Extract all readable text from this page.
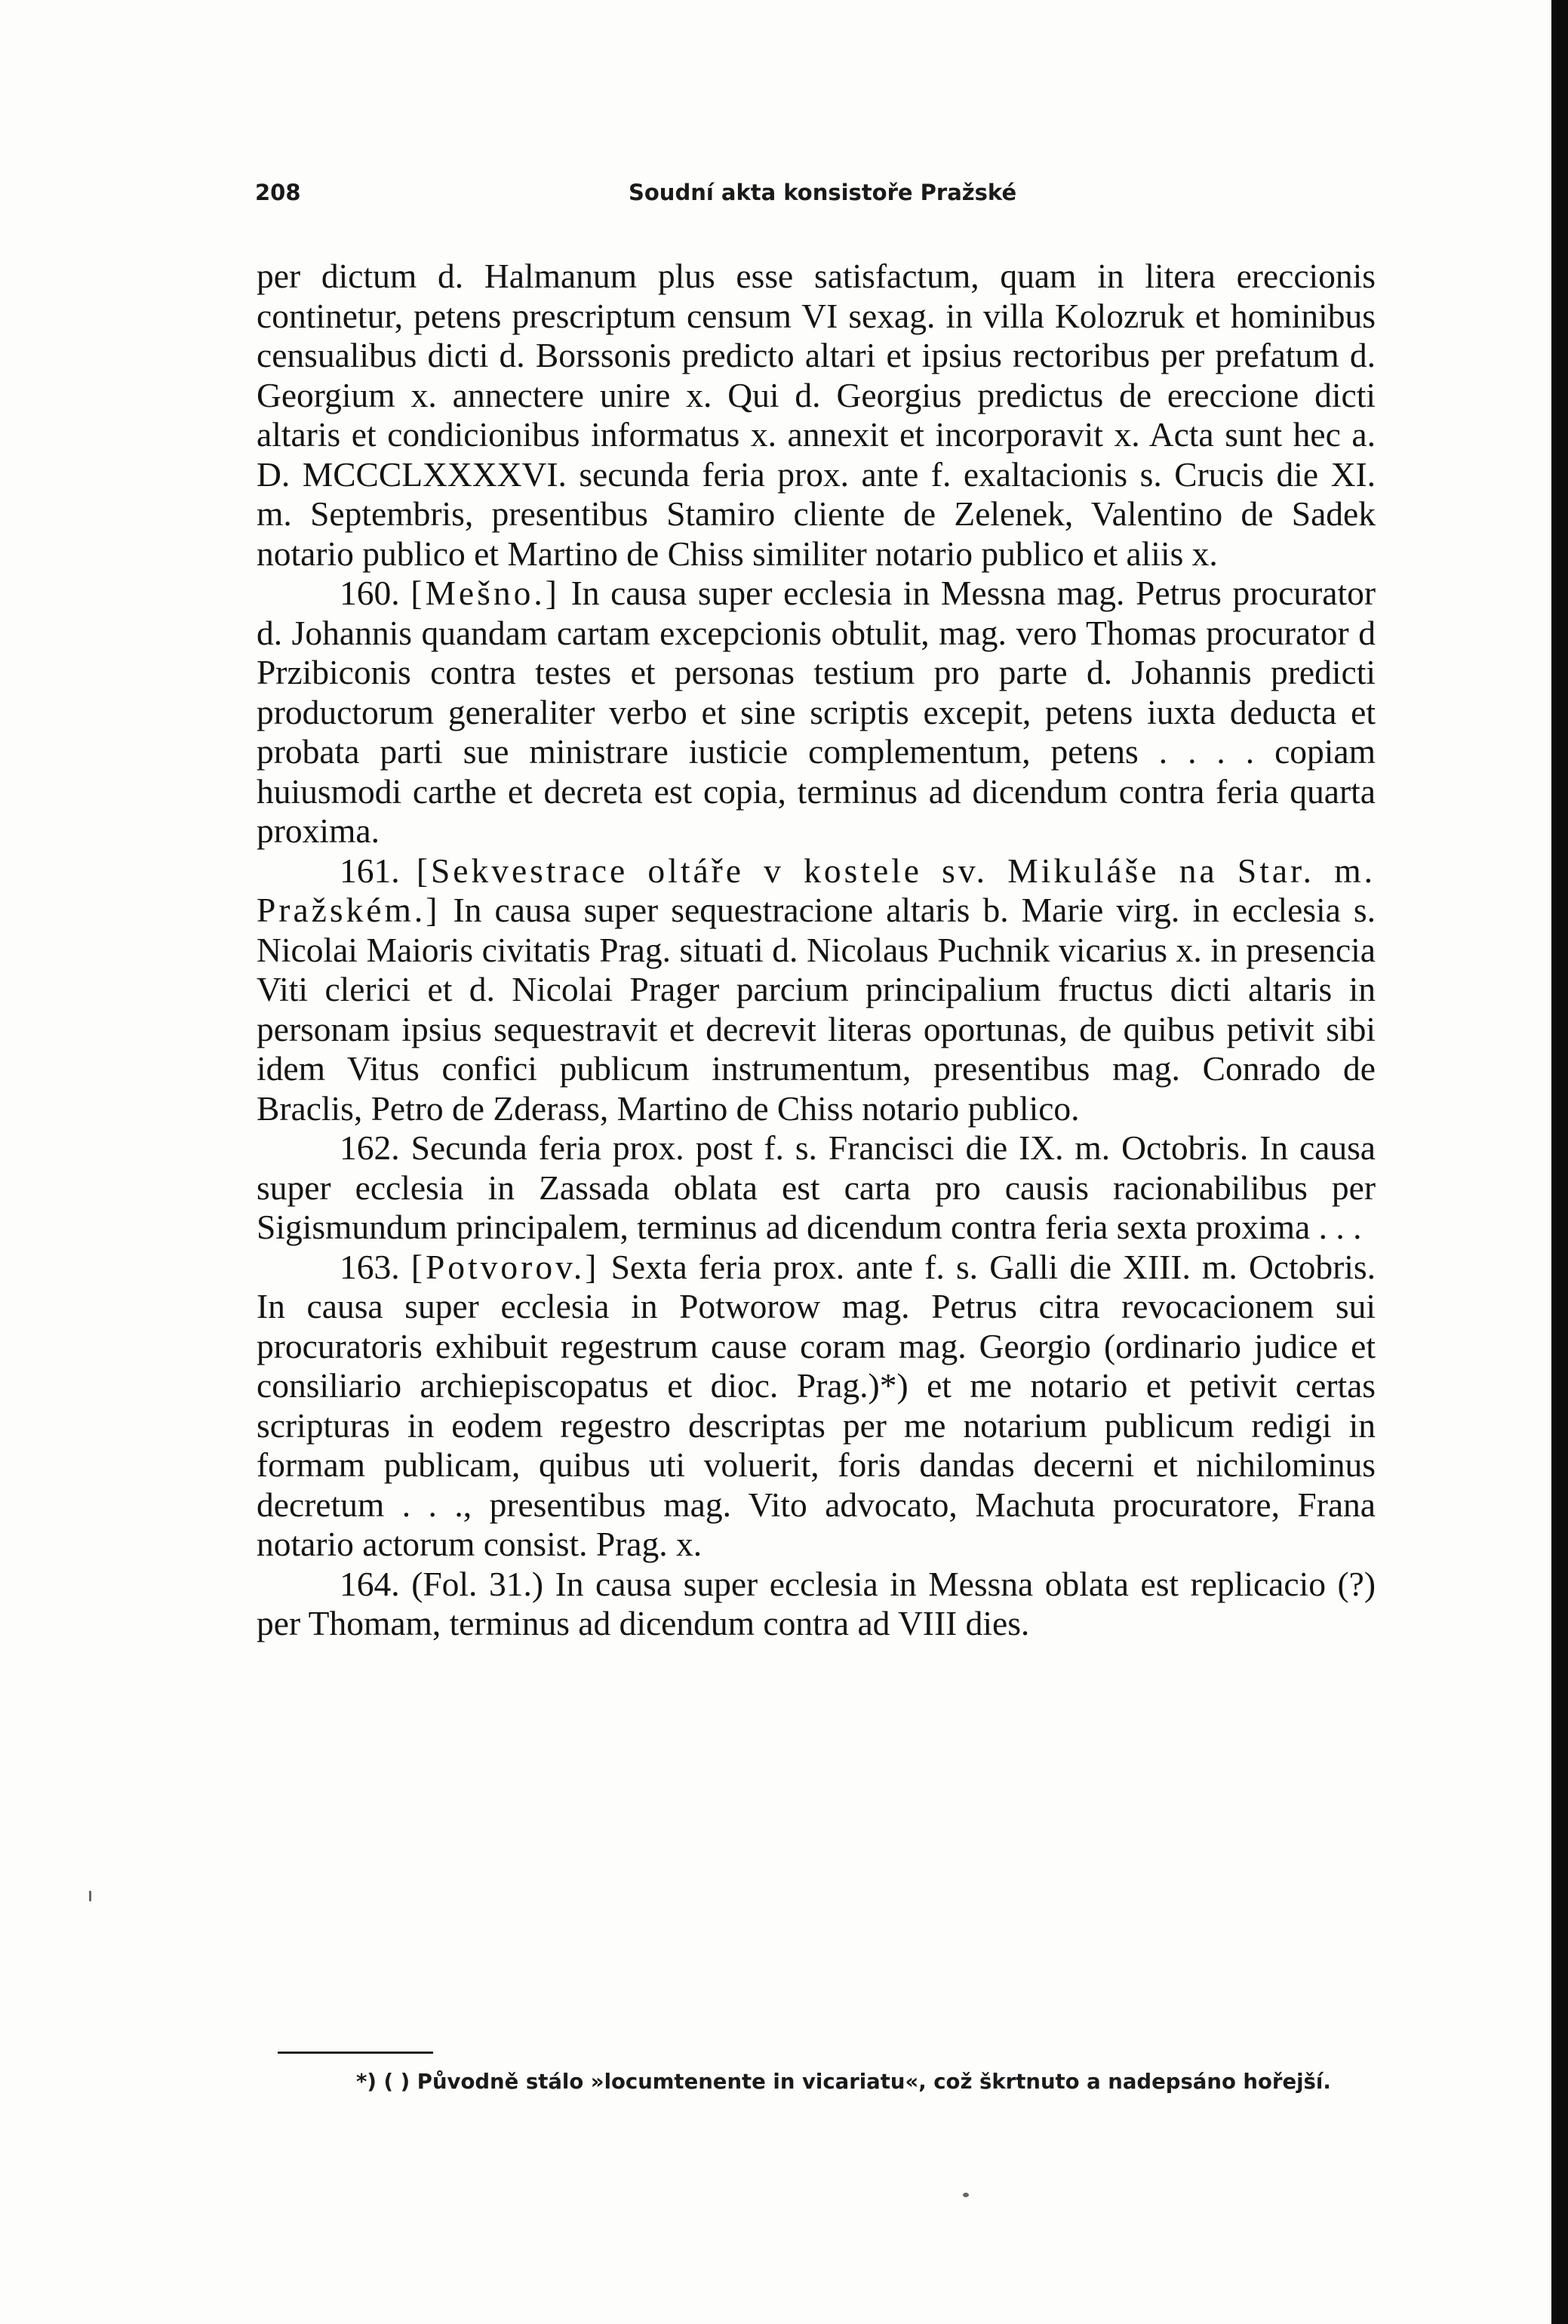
208	Soudní akta konsistoře Pražské

per dictum d. Halmanum plus esse satisfactum, quam in litera ereccionis continetur, petens prescriptum censum VI sexag. in villa Kolozruk et hominibus censualibus dicti d. Borssonis predicto altari et ipsius rectoribus per prefatum d. Georgium x. annectere unire x. Qui d. Georgius predictus de ereccione dicti altaris et condicionibus informatus x. annexit et incorporavit x. Acta sunt hec a. D. MCCCLXXXXVI. secunda feria prox. ante f. exaltacionis s. Crucis die XI. m. Septembris, presentibus Stamiro cliente de Zelenek, Valentino de Sadek notario publico et Martino de Chiss similiter notario publico et aliis x.

160. [Mešno.] In causa super ecclesia in Messna mag. Petrus procurator d. Johannis quandam cartam excepcionis obtulit, mag. vero Thomas procurator d Przibiconis contra testes et personas testium pro parte d. Johannis predicti productorum generaliter verbo et sine scriptis excepit, petens iuxta deducta et probata parti sue ministrare iusticie complementum, petens . . . . copiam huiusmodi carthe et decreta est copia, terminus ad dicendum contra feria quarta proxima.

161. [Sekvestrace oltáře v kostele sv. Mikuláše na Star. m. Pražském.] In causa super sequestracione altaris b. Marie virg. in ecclesia s. Nicolai Maioris civitatis Prag. situati d. Nicolaus Puchnik vicarius x. in presencia Viti clerici et d. Nicolai Prager parcium principalium fructus dicti altaris in personam ipsius sequestravit et decrevit literas oportunas, de quibus petivit sibi idem Vitus confici publicum instrumentum, presentibus mag. Conrado de Braclis, Petro de Zderass, Martino de Chiss notario publico.

162. Secunda feria prox. post f. s. Francisci die IX. m. Octobris. In causa super ecclesia in Zassada oblata est carta pro causis racionabilibus per Sigismundum principalem, terminus ad dicendum contra feria sexta proxima . . .

163. [Potvorov.] Sexta feria prox. ante f. s. Galli die XIII. m. Octobris. In causa super ecclesia in Potworow mag. Petrus citra revocacionem sui procuratoris exhibuit regestrum cause coram mag. Georgio (ordinario judice et consiliario archiepiscopatus et dioc. Prag.)*) et me notario et petivit certas scripturas in eodem regestro descriptas per me notarium publicum redigi in formam publicam, quibus uti voluerit, foris dandas decerni et nichilominus decretum . . ., presentibus mag. Vito advocato, Machuta procuratore, Frana notario actorum consist. Prag. x.

164. (Fol. 31.) In causa super ecclesia in Messna oblata est replicacio (?) per Thomam, terminus ad dicendum contra ad VIII dies.

*) ( ) Původně stálo »locumtenente in vicariatu«, což škrtnuto a nadepsáno hořejší.
